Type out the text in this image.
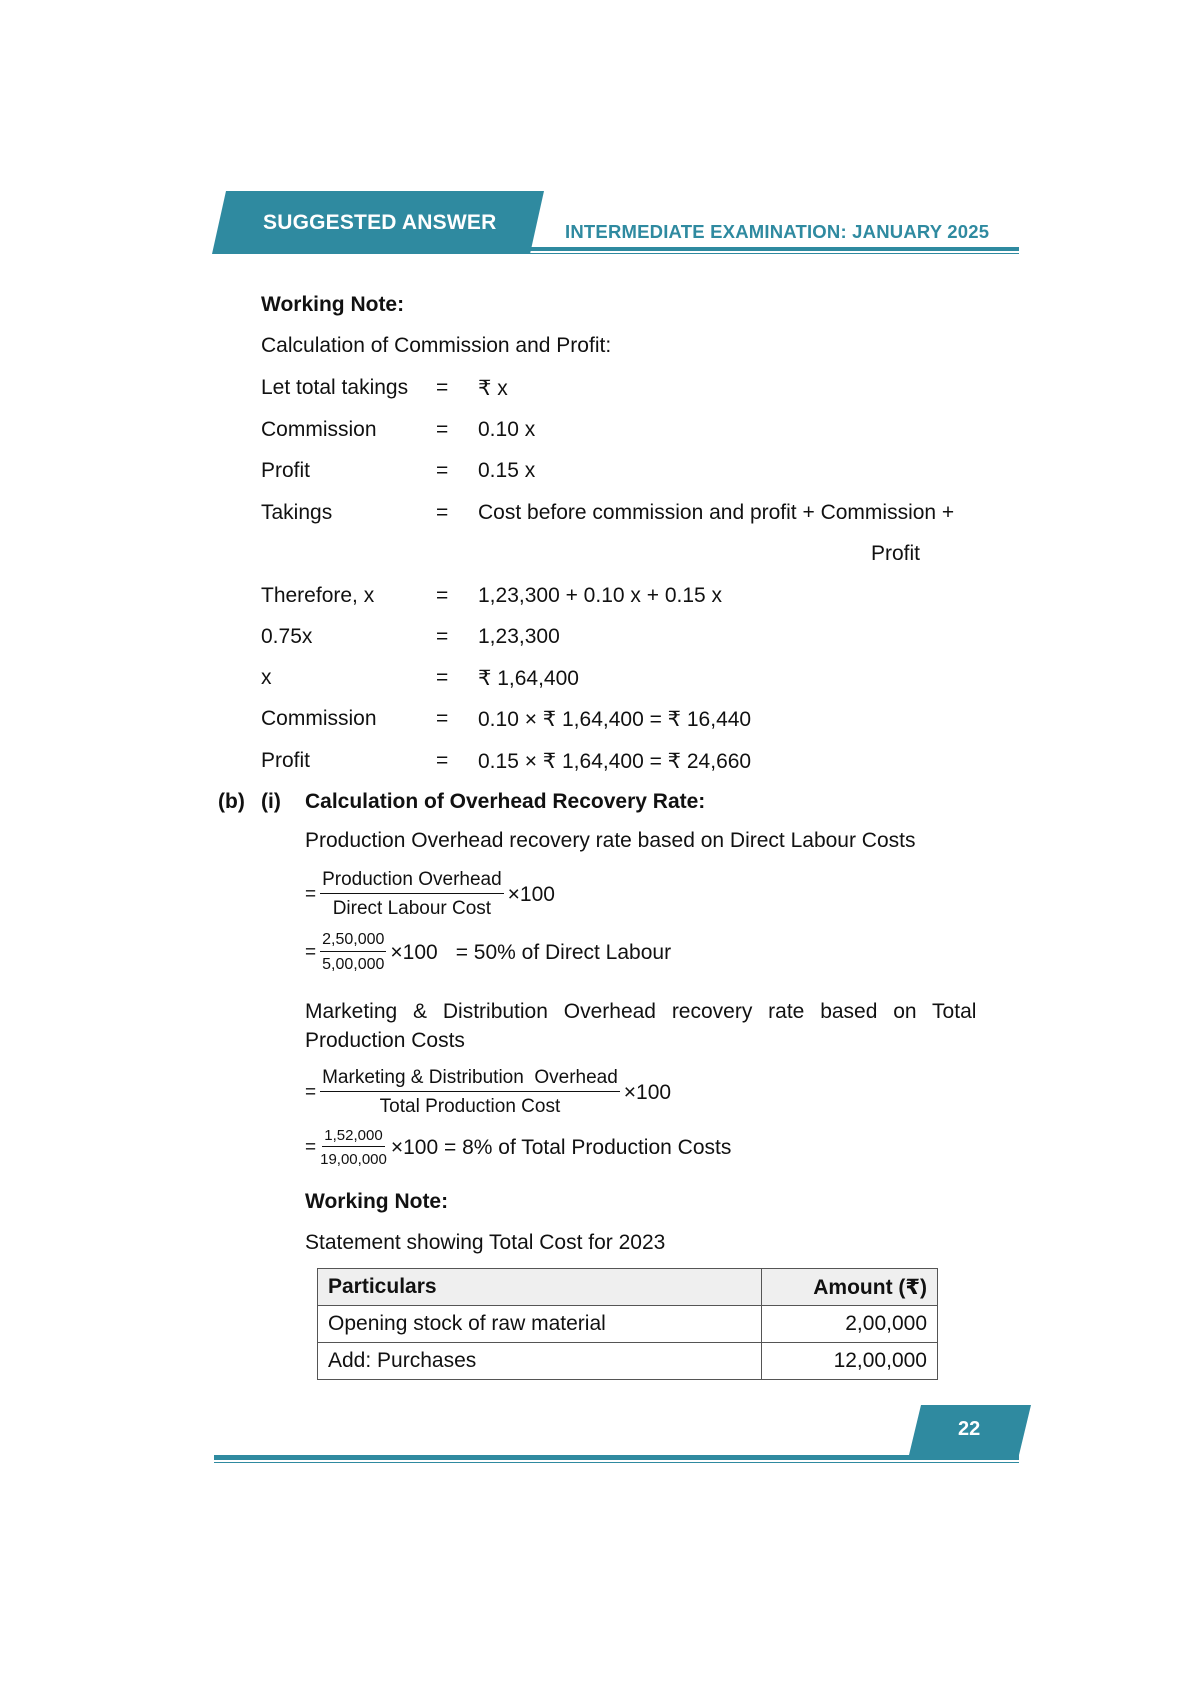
SUGGESTED ANSWER	INTERMEDIATE EXAMINATION: JANUARY 2025
Working Note:
Calculation of Commission and Profit:
Let total takings = ₹ x
Commission	= 0.10 x
Profit	= 0.15 x
Takings	= Cost before commission and profit + Commission +
Profit
Therefore, x	= 1,23,300 + 0.10 x + 0.15 x
0.75x	= 1,23,300
x	= ₹ 1,64,400
Commission	= 0.10 × ₹ 1,64,400 = ₹ 16,440
Profit	= 0.15 × ₹ 1,64,400 = ₹ 24,660
(b) (i) Calculation of Overhead Recovery Rate:
Production Overhead recovery rate based on Direct Labour Costs
= $\frac{\text{Production Overhead}}{\text{Direct Labour Cost}} \times 100$
= $\frac{2,50,000}{5,00,000} \times 100 = 50\%$ of Direct Labour
Marketing & Distribution Overhead recovery rate based on Total
Production Costs
= $\frac{\text{Marketing \& Distribution  Overhead}}{\text{Total Production Cost}} \times 100$
= $\frac{1,52,000}{19,00,000} \times 100 = 8\%$ of Total Production Costs
Working Note:
Statement showing Total Cost for 2023
Particulars	Amount (₹)
Opening stock of raw material	2,00,000
Add: Purchases	12,00,000
22
